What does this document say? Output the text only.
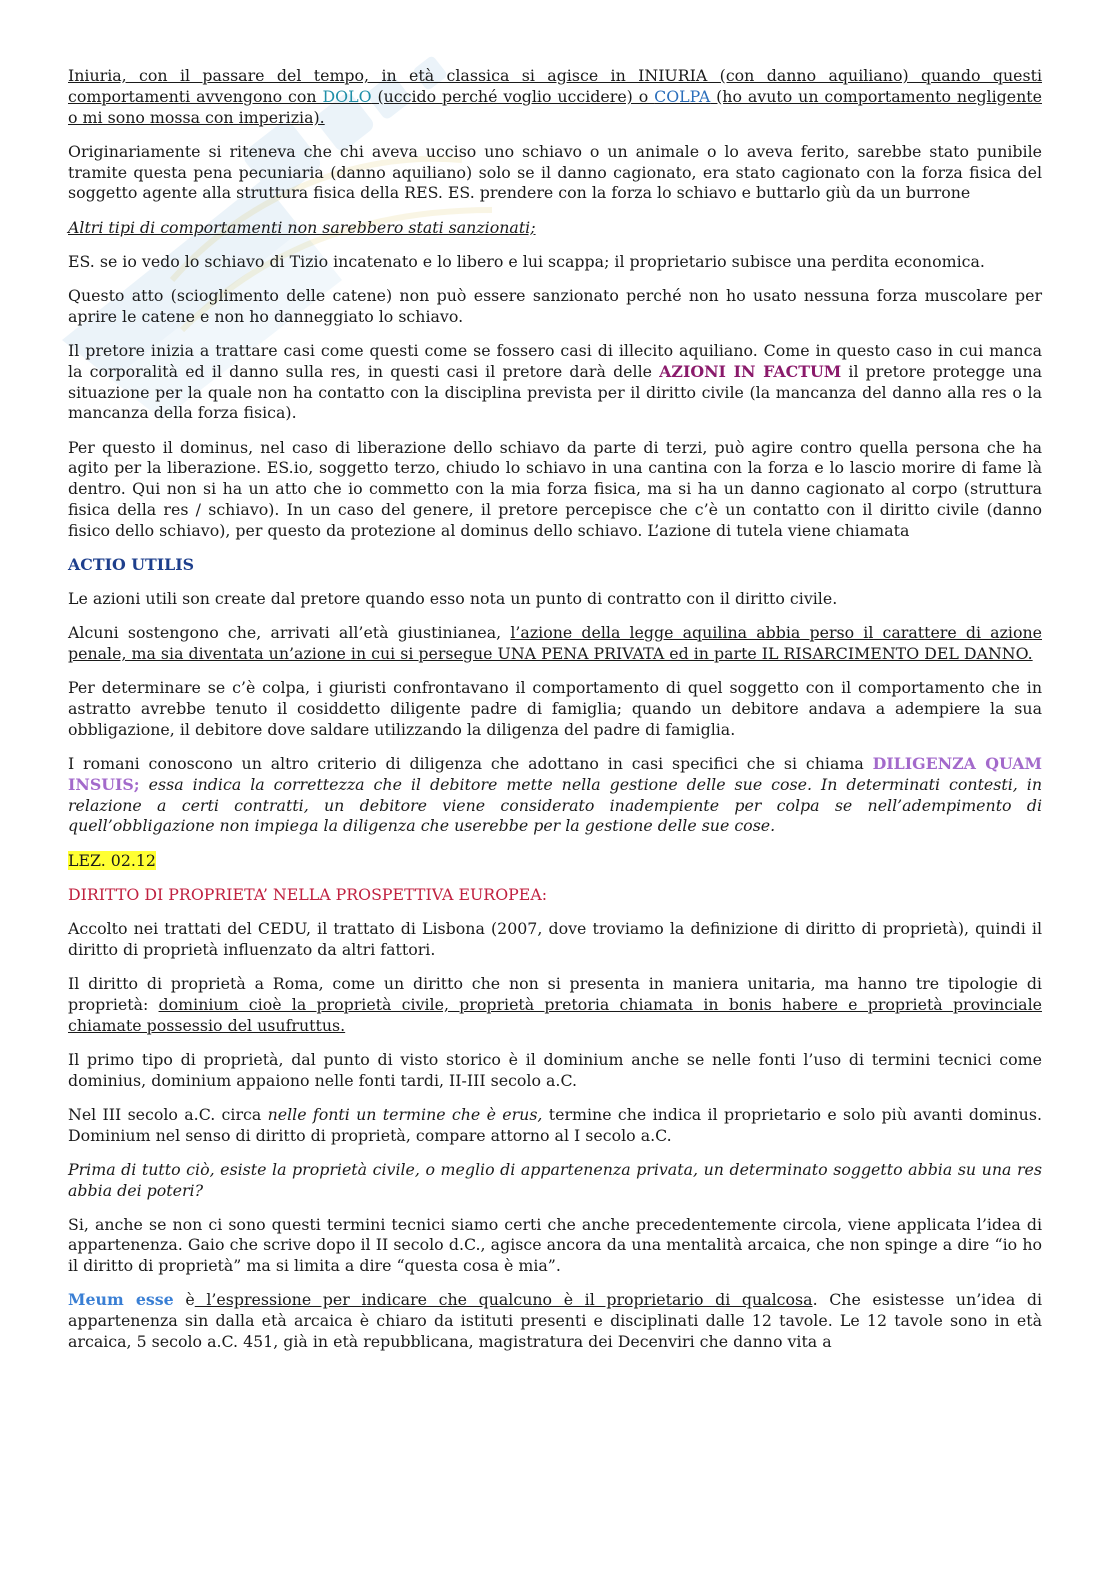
Iniuria, con il passare del tempo, in età classica si agisce in INIURIA (con danno aquiliano) quando questi comportamenti avvengono con DOLO (uccido perché voglio uccidere) o COLPA (ho avuto un comportamento negligente o mi sono mossa con imperizia).

Originariamente si riteneva che chi aveva ucciso uno schiavo o un animale o lo aveva ferito, sarebbe stato punibile tramite questa pena pecuniaria (danno aquiliano) solo se il danno cagionato, era stato cagionato con la forza fisica del soggetto agente alla struttura fisica della RES. ES. prendere con la forza lo schiavo e buttarlo giù da un burrone

Altri tipi di comportamenti non sarebbero stati sanzionati;

ES. se io vedo lo schiavo di Tizio incatenato e lo libero e lui scappa; il proprietario subisce una perdita economica.

Questo atto (scioglimento delle catene) non può essere sanzionato perché non ho usato nessuna forza muscolare per aprire le catene e non ho danneggiato lo schiavo.

Il pretore inizia a trattare casi come questi come se fossero casi di illecito aquiliano. Come in questo caso in cui manca la corporalità ed il danno sulla res, in questi casi il pretore darà delle AZIONI IN FACTUM il pretore protegge una situazione per la quale non ha contatto con la disciplina prevista per il diritto civile (la mancanza del danno alla res o la mancanza della forza fisica).

Per questo il dominus, nel caso di liberazione dello schiavo da parte di terzi, può agire contro quella persona che ha agito per la liberazione. ES.io, soggetto terzo, chiudo lo schiavo in una cantina con la forza e lo lascio morire di fame là dentro. Qui non si ha un atto che io commetto con la mia forza fisica, ma si ha un danno cagionato al corpo (struttura fisica della res / schiavo). In un caso del genere, il pretore percepisce che c’è un contatto con il diritto civile (danno fisico dello schiavo), per questo da protezione al dominus dello schiavo. L’azione di tutela viene chiamata

ACTIO UTILIS

Le azioni utili son create dal pretore quando esso nota un punto di contratto con il diritto civile.

Alcuni sostengono che, arrivati all’età giustinianea, l’azione della legge aquilina abbia perso il carattere di azione penale, ma sia diventata un’azione in cui si persegue UNA PENA PRIVATA ed in parte IL RISARCIMENTO DEL DANNO.

Per determinare se c’è colpa, i giuristi confrontavano il comportamento di quel soggetto con il comportamento che in astratto avrebbe tenuto il cosiddetto diligente padre di famiglia; quando un debitore andava a adempiere la sua obbligazione, il debitore dove saldare utilizzando la diligenza del padre di famiglia.

I romani conoscono un altro criterio di diligenza che adottano in casi specifici che si chiama DILIGENZA QUAM INSUIS; essa indica la correttezza che il debitore mette nella gestione delle sue cose. In determinati contesti, in relazione a certi contratti, un debitore viene considerato inadempiente per colpa se nell’adempimento di quell’obbligazione non impiega la diligenza che userebbe per la gestione delle sue cose.

LEZ. 02.12

DIRITTO DI PROPRIETA’ NELLA PROSPETTIVA EUROPEA:

Accolto nei trattati del CEDU, il trattato di Lisbona (2007, dove troviamo la definizione di diritto di proprietà), quindi il diritto di proprietà influenzato da altri fattori.

Il diritto di proprietà a Roma, come un diritto che non si presenta in maniera unitaria, ma hanno tre tipologie di proprietà: dominium cioè la proprietà civile, proprietà pretoria chiamata in bonis habere e proprietà provinciale chiamate possessio del usufruttus.

Il primo tipo di proprietà, dal punto di visto storico è il dominium anche se nelle fonti l’uso di termini tecnici come dominius, dominium appaiono nelle fonti tardi, II-III secolo a.C.

Nel III secolo a.C. circa nelle fonti un termine che è erus, termine che indica il proprietario e solo più avanti dominus. Dominium nel senso di diritto di proprietà, compare attorno al I secolo a.C.

Prima di tutto ciò, esiste la proprietà civile, o meglio di appartenenza privata, un determinato soggetto abbia su una res abbia dei poteri?

Si, anche se non ci sono questi termini tecnici siamo certi che anche precedentemente circola, viene applicata l’idea di appartenenza. Gaio che scrive dopo il II secolo d.C., agisce ancora da una mentalità arcaica, che non spinge a dire “io ho il diritto di proprietà” ma si limita a dire “questa cosa è mia”.

Meum esse è l’espressione per indicare che qualcuno è il proprietario di qualcosa. Che esistesse un’idea di appartenenza sin dalla età arcaica è chiaro da istituti presenti e disciplinati dalle 12 tavole. Le 12 tavole sono in età arcaica, 5 secolo a.C. 451, già in età repubblicana, magistratura dei Decenviri che danno vita a
